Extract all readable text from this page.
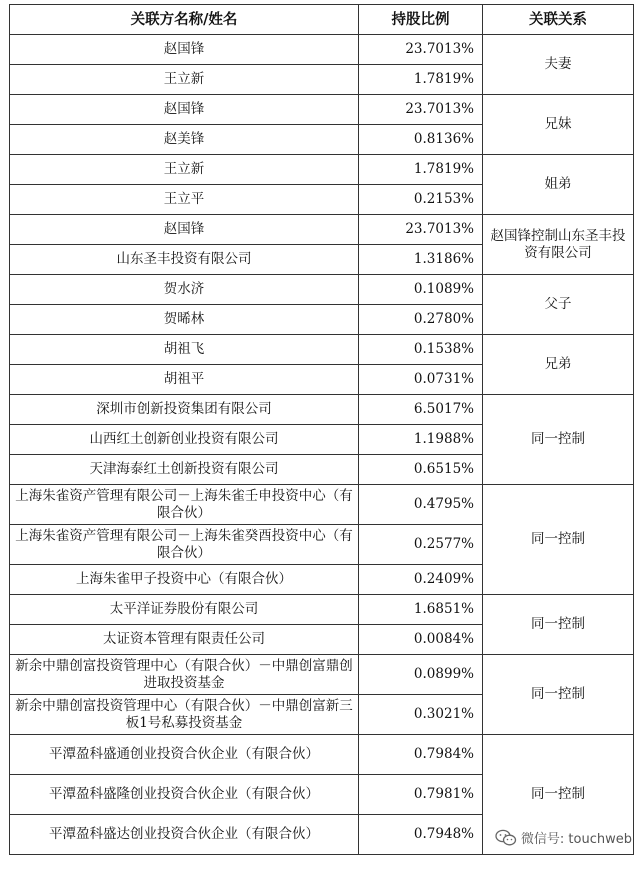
关联方名称/姓名	持股比例	关联关系
赵国锋	23.7013%	夫妻
王立新	1.7819%	
赵国锋	23.7013%	兄妹
赵美锋	0.8136%	
王立新	1.7819%	姐弟
王立平	0.2153%	
赵国锋	23.7013%	赵国锋控制山东圣丰投资有限公司
山东圣丰投资有限公司	1.3186%	
贺水济	0.1089%	父子
贺晞林	0.2780%	
胡祖飞	0.1538%	兄弟
胡祖平	0.0731%	
深圳市创新投资集团有限公司	6.5017%	同一控制
山西红土创新创业投资有限公司	1.1988%	
天津海泰红土创新投资有限公司	0.6515%	
上海朱雀资产管理有限公司－上海朱雀壬申投资中心（有限合伙）	0.4795%	同一控制
上海朱雀资产管理有限公司－上海朱雀癸酉投资中心（有限合伙）	0.2577%	
上海朱雀甲子投资中心（有限合伙）	0.2409%	
太平洋证券股份有限公司	1.6851%	同一控制
太证资本管理有限责任公司	0.0084%	
新余中鼎创富投资管理中心（有限合伙）－中鼎创富鼎创进取投资基金	0.0899%	同一控制
新余中鼎创富投资管理中心（有限合伙）－中鼎创富新三板1号私募投资基金	0.3021%	
平潭盈科盛通创业投资合伙企业（有限合伙）	0.7984%	同一控制
平潭盈科盛隆创业投资合伙企业（有限合伙）	0.7981%	
平潭盈科盛达创业投资合伙企业（有限合伙）	0.7948%		微信号: touchweb
